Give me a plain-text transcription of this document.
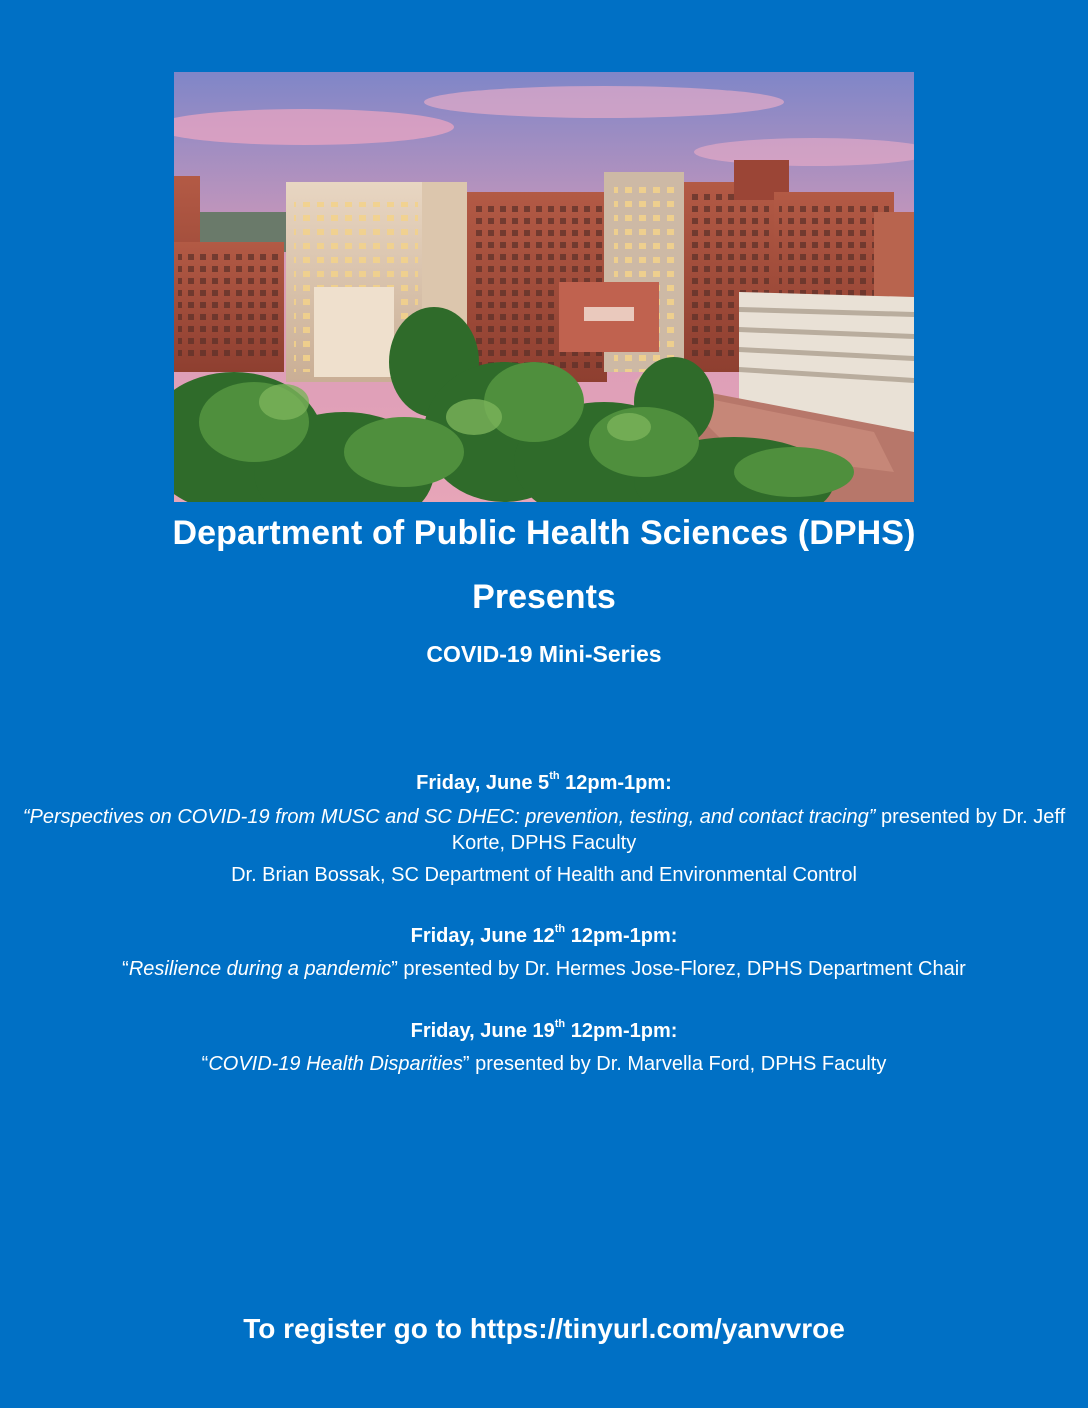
Department of Public Health Sciences (DPHS)
Presents
COVID-19 Mini-Series
Friday, June 5th 12pm-1pm:
“Perspectives on COVID-19 from MUSC and SC DHEC: prevention, testing, and contact tracing” presented by Dr. Jeff Korte, DPHS Faculty
Dr. Brian Bossak, SC Department of Health and Environmental Control
Friday, June 12th 12pm-1pm:
“Resilience during a pandemic” presented by Dr. Hermes Jose-Florez, DPHS Department Chair
Friday, June 19th 12pm-1pm:
“COVID-19 Health Disparities” presented by Dr. Marvella Ford, DPHS Faculty
To register go to https://tinyurl.com/yanvvroe
